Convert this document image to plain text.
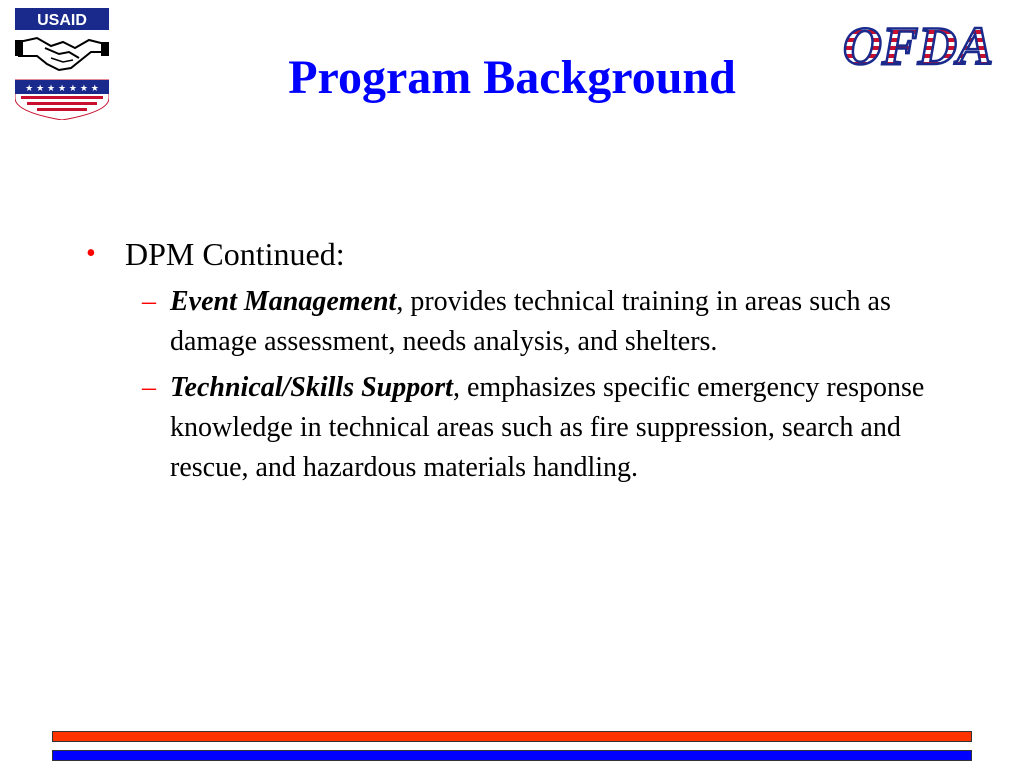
USAID
★ ★ ★ ★ ★ ★ ★
OFDA
Program Background
• DPM Continued:
– Event Management, provides technical training in areas such as damage assessment, needs analysis, and shelters.
– Technical/Skills Support, emphasizes specific emergency response knowledge in technical areas such as fire suppression, search and rescue, and hazardous materials handling.
